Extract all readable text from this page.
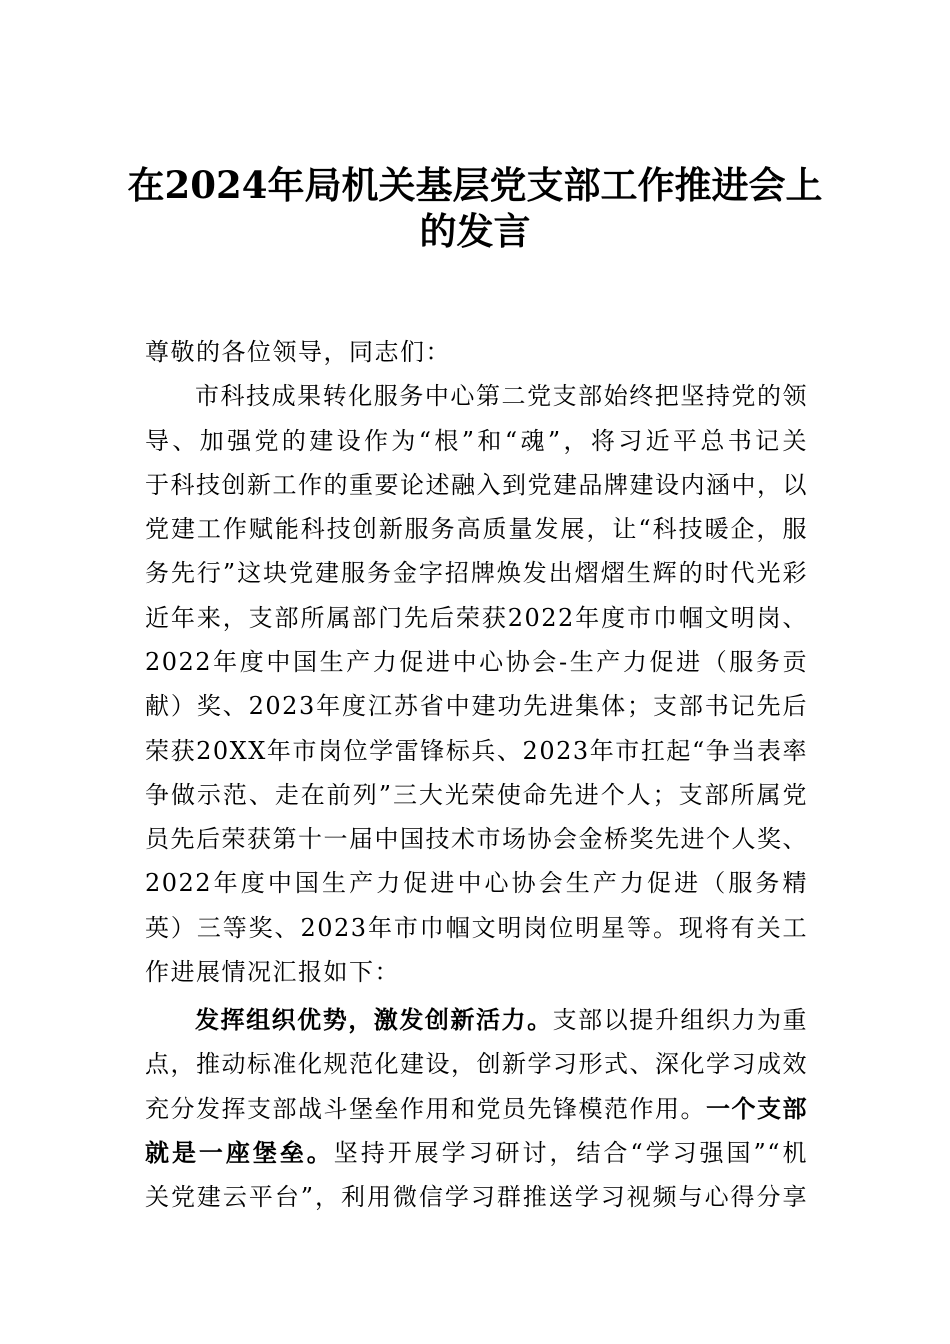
在2024年局机关基层党支部工作推进会上
的发言
尊敬的各位领导，同志们：
市科技成果转化服务中心第二党支部始终把坚持党的领
导、加强党的建设作为“根”和“魂”，将习近平总书记关
于科技创新工作的重要论述融入到党建品牌建设内涵中，以
党建工作赋能科技创新服务高质量发展，让“科技暖企，服
务先行”这块党建服务金字招牌焕发出熠熠生辉的时代光彩
近年来，支部所属部门先后荣获2022年度市巾帼文明岗、
2022年度中国生产力促进中心协会-生产力促进（服务贡
献）奖、2023年度江苏省中建功先进集体；支部书记先后
荣获20XX年市岗位学雷锋标兵、2023年市扛起“争当表率
争做示范、走在前列”三大光荣使命先进个人；支部所属党
员先后荣获第十一届中国技术市场协会金桥奖先进个人奖、
2022年度中国生产力促进中心协会生产力促进（服务精
英）三等奖、2023年市巾帼文明岗位明星等。现将有关工
作进展情况汇报如下：
发挥组织优势，激发创新活力。支部以提升组织力为重
点，推动标准化规范化建设，创新学习形式、深化学习成效
充分发挥支部战斗堡垒作用和党员先锋模范作用。一个支部
就是一座堡垒。坚持开展学习研讨，结合“学习强国”“机
关党建云平台”，利用微信学习群推送学习视频与心得分享
